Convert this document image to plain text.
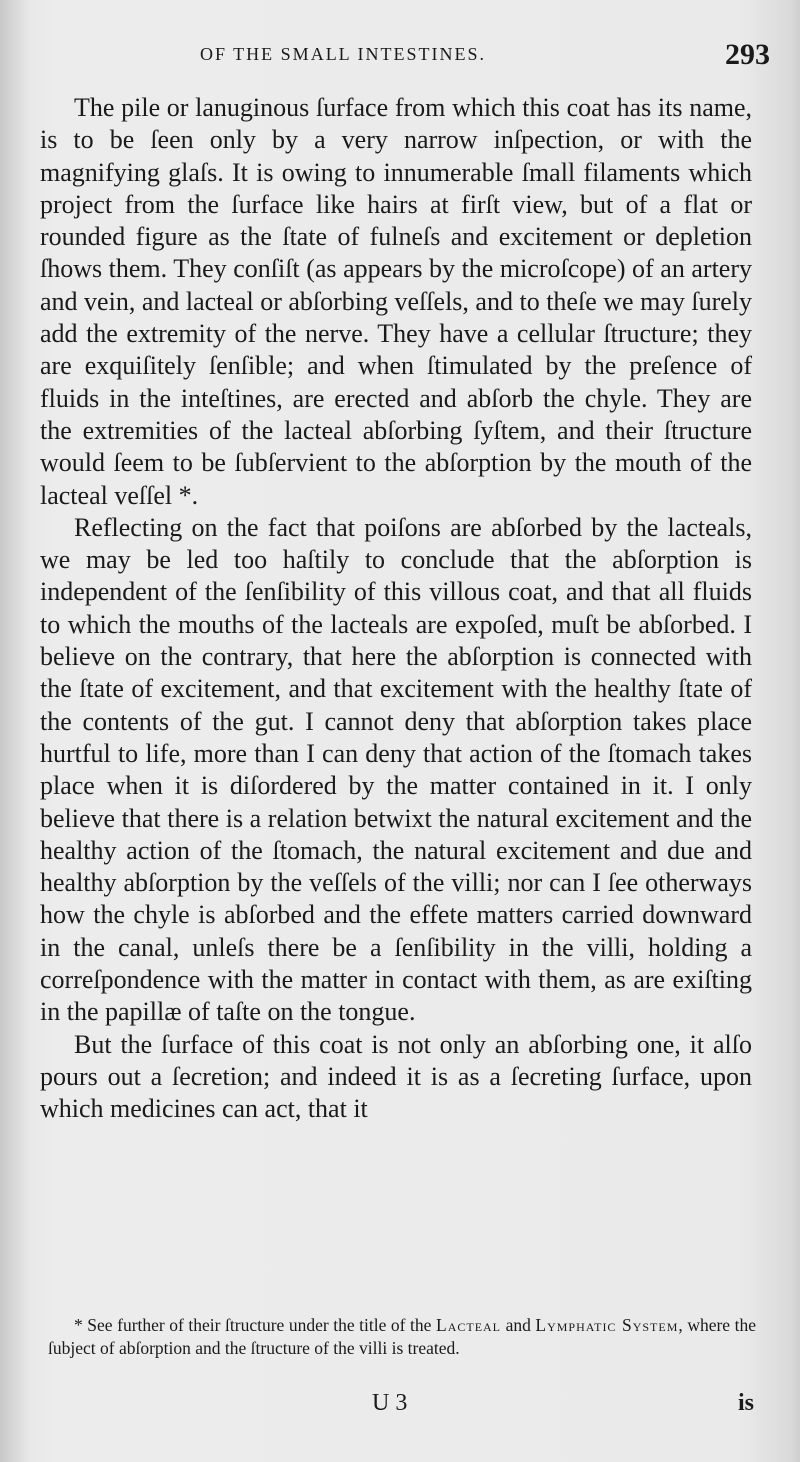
OF THE SMALL INTESTINES.	293

The pile or lanuginous ſurface from which this coat has its name, is to be ſeen only by a very narrow inſpection, or with the magnifying glaſs. It is owing to innumerable ſmall filaments which project from the ſurface like hairs at firſt view, but of a flat or rounded figure as the ſtate of fulneſs and excitement or depletion ſhows them. They conſiſt (as appears by the microſcope) of an artery and vein, and lacteal or abſorbing veſſels, and to theſe we may ſurely add the extremity of the nerve. They have a cellular ſtructure; they are exquiſitely ſenſible; and when ſtimulated by the preſence of fluids in the inteſtines, are erected and abſorb the chyle. They are the extremities of the lacteal abſorbing ſyſtem, and their ſtructure would ſeem to be ſubſervient to the abſorption by the mouth of the lacteal veſſel *.

Reflecting on the fact that poiſons are abſorbed by the lacteals, we may be led too haſtily to conclude that the abſorption is independent of the ſenſibility of this villous coat, and that all fluids to which the mouths of the lacteals are expoſed, muſt be abſorbed. I believe on the contrary, that here the abſorption is connected with the ſtate of excitement, and that excitement with the healthy ſtate of the contents of the gut. I cannot deny that abſorption takes place hurtful to life, more than I can deny that action of the ſtomach takes place when it is diſordered by the matter contained in it. I only believe that there is a relation betwixt the natural excitement and the healthy action of the ſtomach, the natural excitement and due and healthy abſorption by the veſſels of the villi; nor can I ſee otherways how the chyle is abſorbed and the effete matters carried downward in the canal, unleſs there be a ſenſibility in the villi, holding a correſpondence with the matter in contact with them, as are exiſting in the papillæ of taſte on the tongue.

But the ſurface of this coat is not only an abſorbing one, it alſo pours out a ſecretion; and indeed it is as a ſecreting ſurface, upon which medicines can act, that it

* See further of their ſtructure under the title of the Lacteal and Lymphatic System, where the ſubject of abſorption and the ſtructure of the villi is treated.
U 3	is
